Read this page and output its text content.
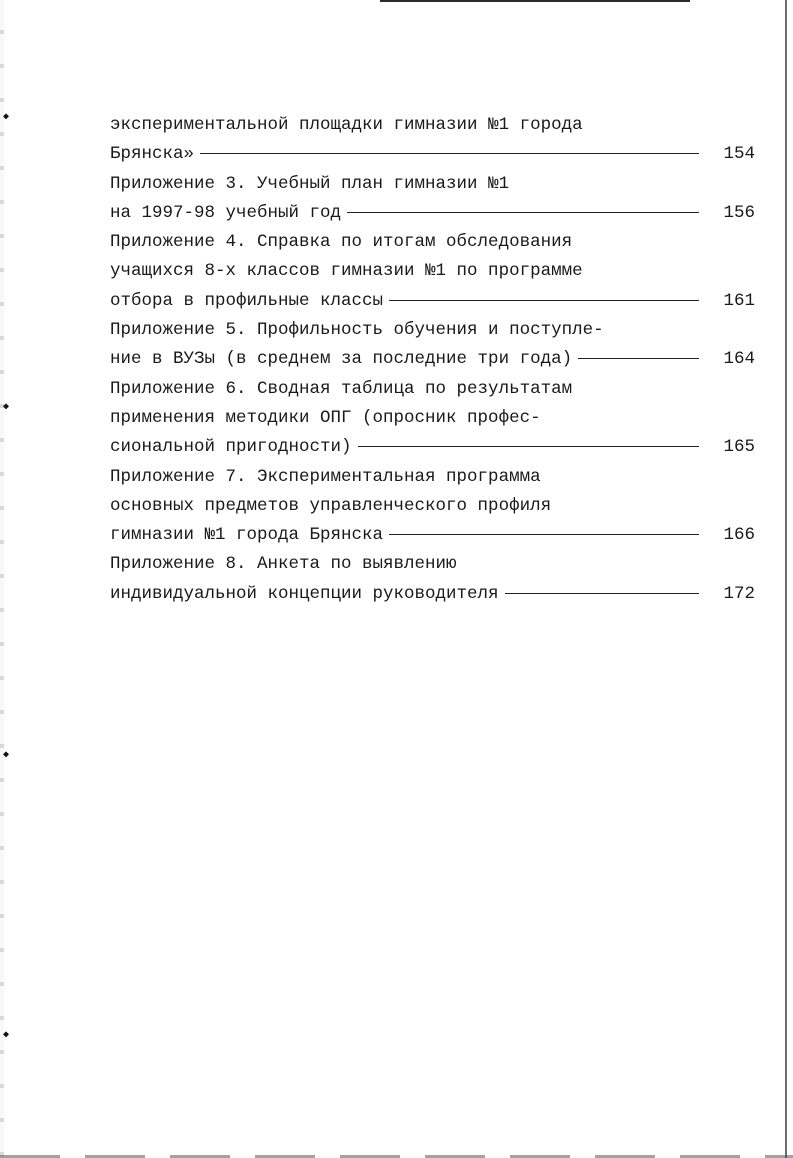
◆
◆
◆
◆
экспериментальной площадки гимназии №1 города
Брянска»	154
Приложение 3. Учебный план гимназии №1
на 1997-98 учебный год	156
Приложение 4. Справка по итогам обследования
учащихся 8-х классов гимназии №1 по программе
отбора в профильные классы	161
Приложение 5. Профильность обучения и поступле-
ние в ВУЗы (в среднем за последние три года)	164
Приложение 6. Сводная таблица по результатам
применения методики ОПГ (опросник профес-
сиональной пригодности)	165
Приложение 7. Экспериментальная программа
основных предметов управленческого профиля
гимназии №1 города Брянска	166
Приложение 8. Анкета по выявлению
индивидуальной концепции руководителя	172
